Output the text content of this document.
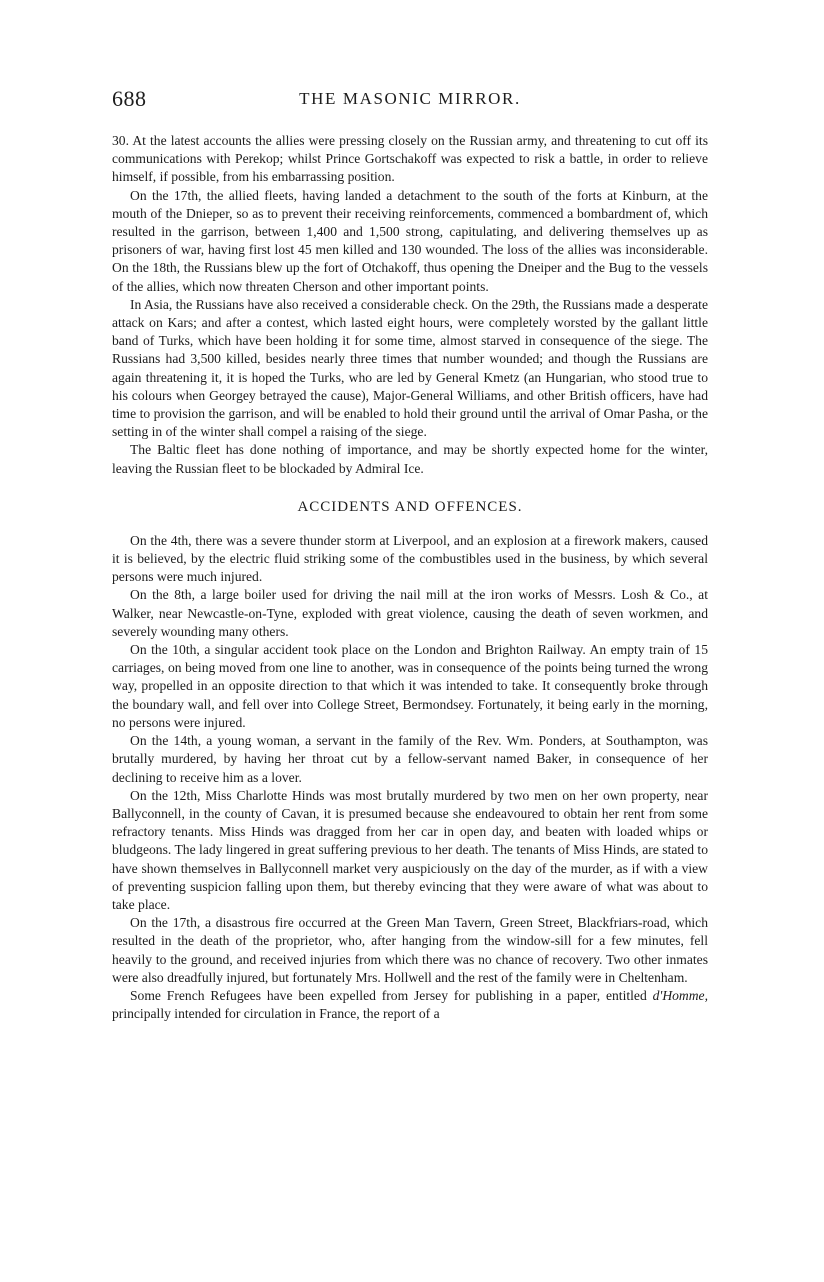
688	THE MASONIC MIRROR.

30. At the latest accounts the allies were pressing closely on the Russian army, and threatening to cut off its communications with Perekop; whilst Prince Gortschakoff was expected to risk a battle, in order to relieve himself, if possible, from his embarrassing position.

On the 17th, the allied fleets, having landed a detachment to the south of the forts at Kinburn, at the mouth of the Dnieper, so as to prevent their receiving reinforcements, commenced a bombardment of, which resulted in the garrison, between 1,400 and 1,500 strong, capitulating, and delivering themselves up as prisoners of war, having first lost 45 men killed and 130 wounded. The loss of the allies was inconsiderable. On the 18th, the Russians blew up the fort of Otchakoff, thus opening the Dneiper and the Bug to the vessels of the allies, which now threaten Cherson and other important points.

In Asia, the Russians have also received a considerable check. On the 29th, the Russians made a desperate attack on Kars; and after a contest, which lasted eight hours, were completely worsted by the gallant little band of Turks, which have been holding it for some time, almost starved in consequence of the siege. The Russians had 3,500 killed, besides nearly three times that number wounded; and though the Russians are again threatening it, it is hoped the Turks, who are led by General Kmetz (an Hungarian, who stood true to his colours when Georgey betrayed the cause), Major-General Williams, and other British officers, have had time to provision the garrison, and will be enabled to hold their ground until the arrival of Omar Pasha, or the setting in of the winter shall compel a raising of the siege.

The Baltic fleet has done nothing of importance, and may be shortly expected home for the winter, leaving the Russian fleet to be blockaded by Admiral Ice.

ACCIDENTS AND OFFENCES.

On the 4th, there was a severe thunder storm at Liverpool, and an explosion at a firework makers, caused it is believed, by the electric fluid striking some of the combustibles used in the business, by which several persons were much injured.

On the 8th, a large boiler used for driving the nail mill at the iron works of Messrs. Losh & Co., at Walker, near Newcastle-on-Tyne, exploded with great violence, causing the death of seven workmen, and severely wounding many others.

On the 10th, a singular accident took place on the London and Brighton Railway. An empty train of 15 carriages, on being moved from one line to another, was in consequence of the points being turned the wrong way, propelled in an opposite direction to that which it was intended to take. It consequently broke through the boundary wall, and fell over into College Street, Bermondsey. Fortunately, it being early in the morning, no persons were injured.

On the 14th, a young woman, a servant in the family of the Rev. Wm. Ponders, at Southampton, was brutally murdered, by having her throat cut by a fellow-servant named Baker, in consequence of her declining to receive him as a lover.

On the 12th, Miss Charlotte Hinds was most brutally murdered by two men on her own property, near Ballyconnell, in the county of Cavan, it is presumed because she endeavoured to obtain her rent from some refractory tenants. Miss Hinds was dragged from her car in open day, and beaten with loaded whips or bludgeons. The lady lingered in great suffering previous to her death. The tenants of Miss Hinds, are stated to have shown themselves in Ballyconnell market very auspiciously on the day of the murder, as if with a view of preventing suspicion falling upon them, but thereby evincing that they were aware of what was about to take place.

On the 17th, a disastrous fire occurred at the Green Man Tavern, Green Street, Blackfriars-road, which resulted in the death of the proprietor, who, after hanging from the window-sill for a few minutes, fell heavily to the ground, and received injuries from which there was no chance of recovery. Two other inmates were also dreadfully injured, but fortunately Mrs. Hollwell and the rest of the family were in Cheltenham.

Some French Refugees have been expelled from Jersey for publishing in a paper, entitled d'Homme, principally intended for circulation in France, the report of a
